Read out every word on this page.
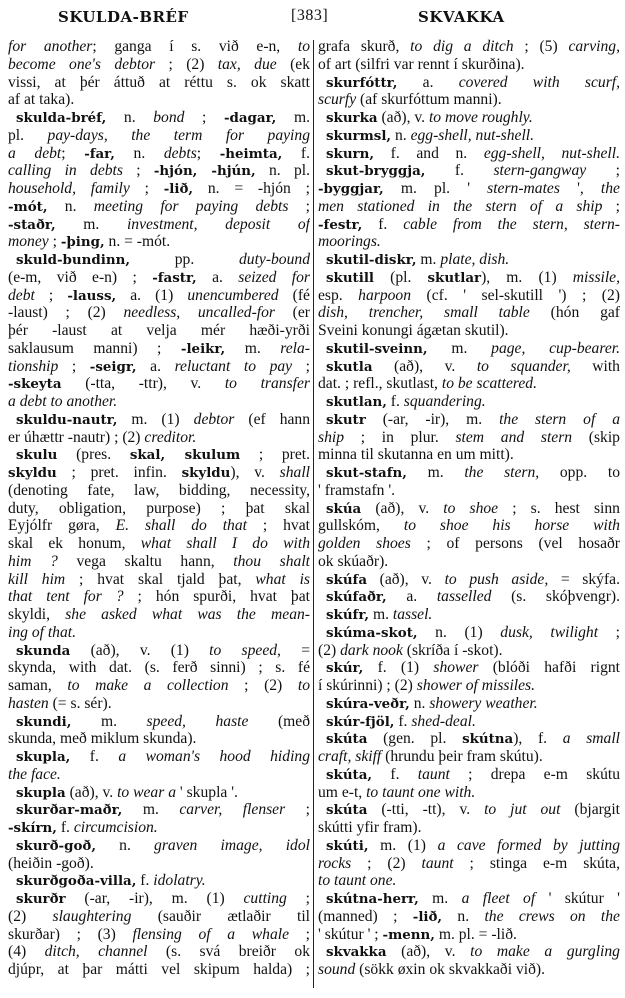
SKULDA-BRÉF	[383]	SKVAKKA
for another; ganga í s. við e-n, to
become one's debtor ; (2) tax, due (ek
vissi, at þér áttuð at réttu s. ok skatt
af at taka).
skulda-bréf, n. bond ; -dagar, m.
pl. pay-days, the term for paying
a debt; -far, n. debts; -heimta, f.
calling in debts ; -hjón, -hjún, n. pl.
household, family ; -lið, n. = -hjón ;
-mót, n. meeting for paying debts ;
-staðr, m. investment, deposit of
money ; -þing, n. = -mót.
skuld-bundinn, pp. duty-bound
(e-m, við e-n) ; -fastr, a. seized for
debt ; -lauss, a. (1) unencumbered (fé
-laust) ; (2) needless, uncalled-for (er
þér -laust at velja mér hæði-yrði
saklausum manni) ; -leikr, m. rela-
tionship ; -seigr, a. reluctant to pay ;
-skeyta (-tta, -ttr), v. to transfer
a debt to another.
skuldu-nautr, m. (1) debtor (ef hann
er úhættr -nautr) ; (2) creditor.
skulu (pres. skal, skulum ; pret.
skyldu ; pret. infin. skyldu), v. shall
(denoting fate, law, bidding, necessity,
duty, obligation, purpose) ; þat skal
Eyjólfr gøra, E. shall do that ; hvat
skal ek honum, what shall I do with
him ? vega skaltu hann, thou shalt
kill him ; hvat skal tjald þat, what is
that tent for ? ; hón spurði, hvat þat
skyldi, she asked what was the mean-
ing of that.
skunda (að), v. (1) to speed, =
skynda, with dat. (s. ferð sinni) ; s. fé
saman, to make a collection ; (2) to
hasten (= s. sér).
skundi, m. speed, haste (með
skunda, með miklum skunda).
skupla, f. a woman's hood hiding
the face.
skupla (að), v. to wear a ' skupla '.
skurðar-maðr, m. carver, flenser ;
-skírn, f. circumcision.
skurð-goð, n. graven image, idol
(heiðin -goð).
skurðgoða-villa, f. idolatry.
skurðr (-ar, -ir), m. (1) cutting ;
(2) slaughtering (sauðir ætlaðir til
skurðar) ; (3) flensing of a whale ;
(4) ditch, channel (s. svá breiðr ok
djúpr, at þar mátti vel skipum halda) ;
grafa skurð, to dig a ditch ; (5) carving,
of art (silfri var rennt í skurðina).
skurfóttr, a. covered with scurf,
scurfy (af skurfóttum manni).
skurka (að), v. to move roughly.
skurmsl, n. egg-shell, nut-shell.
skurn, f. and n. egg-shell, nut-shell.
skut-bryggja, f. stern-gangway ;
-byggjar, m. pl. ' stern-mates ', the
men stationed in the stern of a ship ;
-festr, f. cable from the stern, stern-
moorings.
skutil-diskr, m. plate, dish.
skutill (pl. skutlar), m. (1) missile,
esp. harpoon (cf. ' sel-skutill ') ; (2)
dish, trencher, small table (hón gaf
Sveini konungi ágætan skutil).
skutil-sveinn, m. page, cup-bearer.
skutla (að), v. to squander, with
dat. ; refl., skutlast, to be scattered.
skutlan, f. squandering.
skutr (-ar, -ir), m. the stern of a
ship ; in plur. stem and stern (skip
minna til skutanna en um mitt).
skut-stafn, m. the stern, opp. to
' framstafn '.
skúa (að), v. to shoe ; s. hest sinn
gullskóm, to shoe his horse with
golden shoes ; of persons (vel hosaðr
ok skúaðr).
skúfa (að), v. to push aside, = skýfa.
skúfaðr, a. tasselled (s. skóþvengr).
skúfr, m. tassel.
skúma-skot, n. (1) dusk, twilight ;
(2) dark nook (skríða í -skot).
skúr, f. (1) shower (blóði hafði rignt
í skúrinni) ; (2) shower of missiles.
skúra-veðr, n. showery weather.
skúr-fjöl, f. shed-deal.
skúta (gen. pl. skútna), f. a small
craft, skiff (hrundu þeir fram skútu).
skúta, f. taunt ; drepa e-m skútu
um e-t, to taunt one with.
skúta (-tti, -tt), v. to jut out (bjargit
skútti yfir fram).
skúti, m. (1) a cave formed by jutting
rocks ; (2) taunt ; stinga e-m skúta,
to taunt one.
skútna-herr, m. a fleet of ' skútur '
(manned) ; -lið, n. the crews on the
' skútur ' ; -menn, m. pl. = -lið.
skvakka (að), v. to make a gurgling
sound (sökk øxin ok skvakkaði við).
